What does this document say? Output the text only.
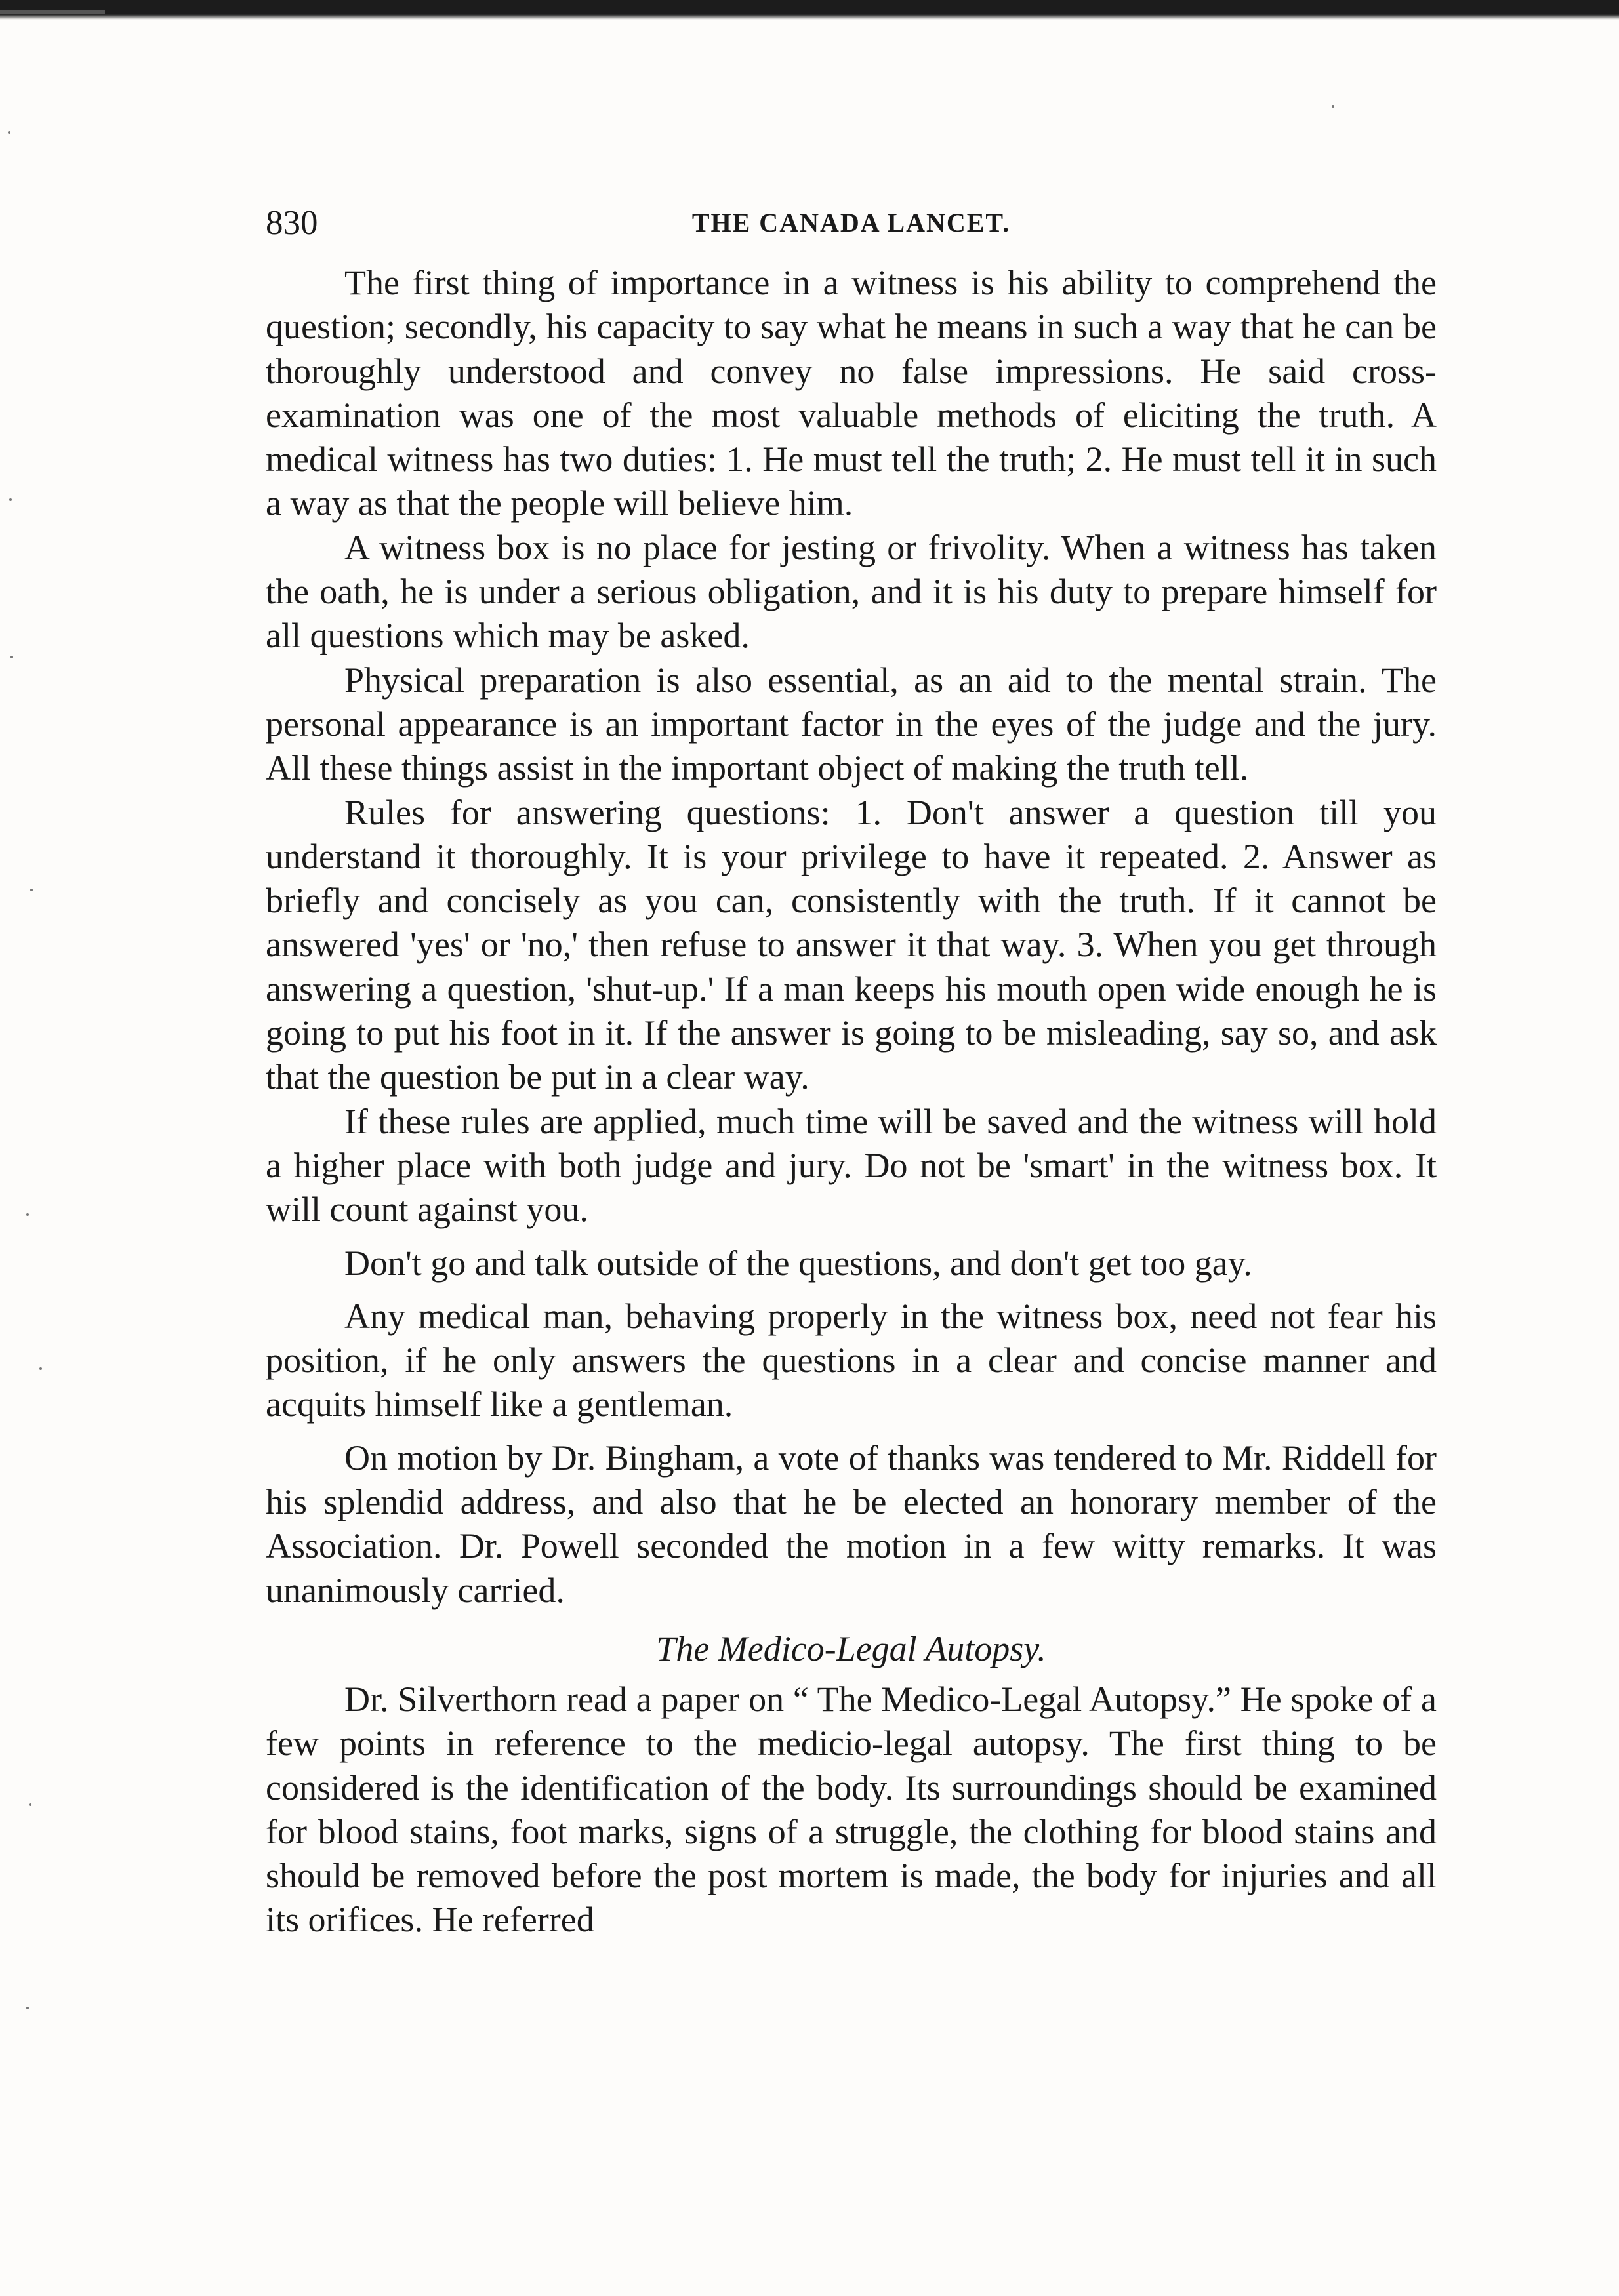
830	THE CANADA LANCET.

The first thing of importance in a witness is his ability to comprehend the question; secondly, his capacity to say what he means in such a way that he can be thoroughly understood and convey no false impressions. He said cross-examination was one of the most valuable methods of eliciting the truth. A medical witness has two duties: 1. He must tell the truth; 2. He must tell it in such a way as that the people will believe him.

A witness box is no place for jesting or frivolity. When a witness has taken the oath, he is under a serious obligation, and it is his duty to prepare himself for all questions which may be asked.

Physical preparation is also essential, as an aid to the mental strain. The personal appearance is an important factor in the eyes of the judge and the jury. All these things assist in the important object of making the truth tell.

Rules for answering questions: 1. Don't answer a question till you understand it thoroughly. It is your privilege to have it repeated. 2. Answer as briefly and concisely as you can, consistently with the truth. If it cannot be answered 'yes' or 'no,' then refuse to answer it that way. 3. When you get through answering a question, 'shut-up.' If a man keeps his mouth open wide enough he is going to put his foot in it. If the answer is going to be misleading, say so, and ask that the question be put in a clear way.

If these rules are applied, much time will be saved and the witness will hold a higher place with both judge and jury. Do not be 'smart' in the witness box. It will count against you.

Don't go and talk outside of the questions, and don't get too gay.

Any medical man, behaving properly in the witness box, need not fear his position, if he only answers the questions in a clear and concise manner and acquits himself like a gentleman.

On motion by Dr. Bingham, a vote of thanks was tendered to Mr. Riddell for his splendid address, and also that he be elected an honorary member of the Association. Dr. Powell seconded the motion in a few witty remarks. It was unanimously carried.

The Medico-Legal Autopsy.

Dr. Silverthorn read a paper on “ The Medico-Legal Autopsy.” He spoke of a few points in reference to the medicio-legal autopsy. The first thing to be considered is the identification of the body. Its surroundings should be examined for blood stains, foot marks, signs of a struggle, the clothing for blood stains and should be removed before the post mortem is made, the body for injuries and all its orifices. He referred
